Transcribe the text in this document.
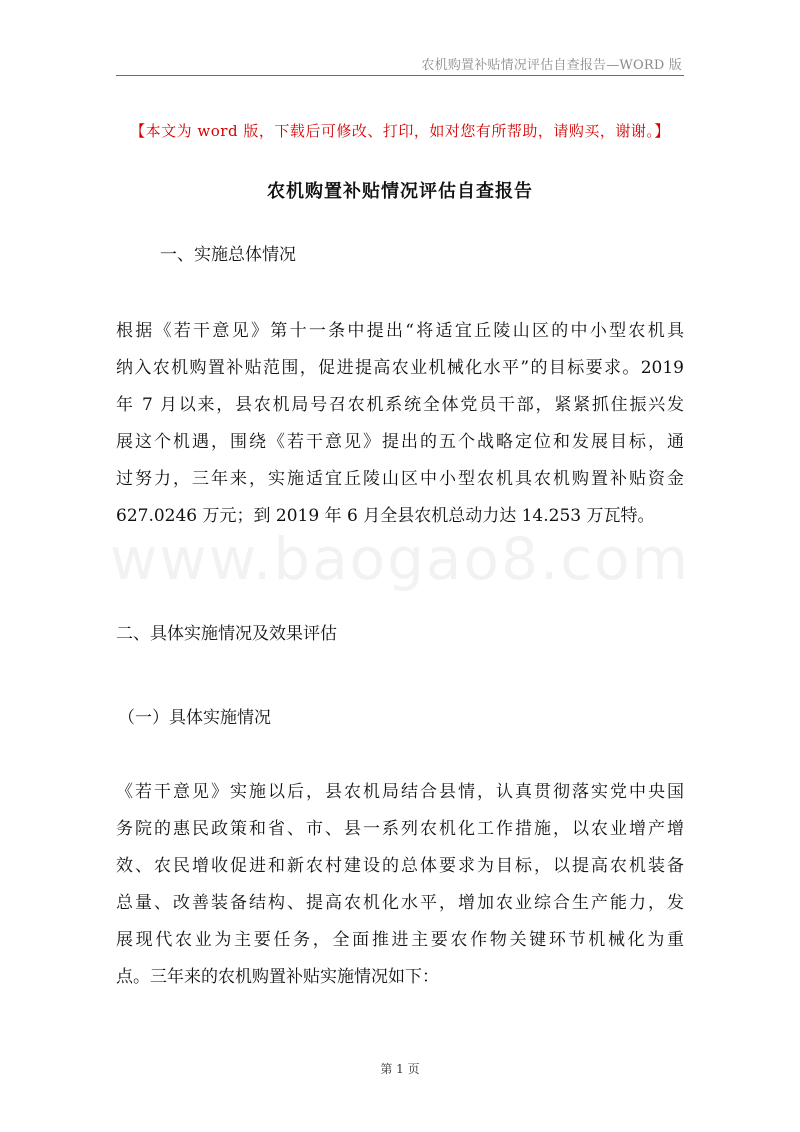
农机购置补贴情况评估自查报告—WORD 版
【本文为 word 版，下载后可修改、打印，如对您有所帮助，请购买，谢谢。】
农机购置补贴情况评估自查报告
一、实施总体情况
根据《若干意见》第十一条中提出“将适宜丘陵山区的中小型农机具
纳入农机购置补贴范围，促进提高农业机械化水平”的目标要求。2019
年 7 月以来，县农机局号召农机系统全体党员干部，紧紧抓住振兴发
展这个机遇，围绕《若干意见》提出的五个战略定位和发展目标，通
过努力，三年来，实施适宜丘陵山区中小型农机具农机购置补贴资金
627.0246 万元；到 2019 年 6 月全县农机总动力达 14.253 万瓦特。
www.baogao8.com
二、具体实施情况及效果评估
（一）具体实施情况
《若干意见》实施以后，县农机局结合县情，认真贯彻落实党中央国
务院的惠民政策和省、市、县一系列农机化工作措施，以农业增产增
效、农民增收促进和新农村建设的总体要求为目标，以提高农机装备
总量、改善装备结构、提高农机化水平，增加农业综合生产能力，发
展现代农业为主要任务，全面推进主要农作物关键环节机械化为重
点。三年来的农机购置补贴实施情况如下：
第 1 页
